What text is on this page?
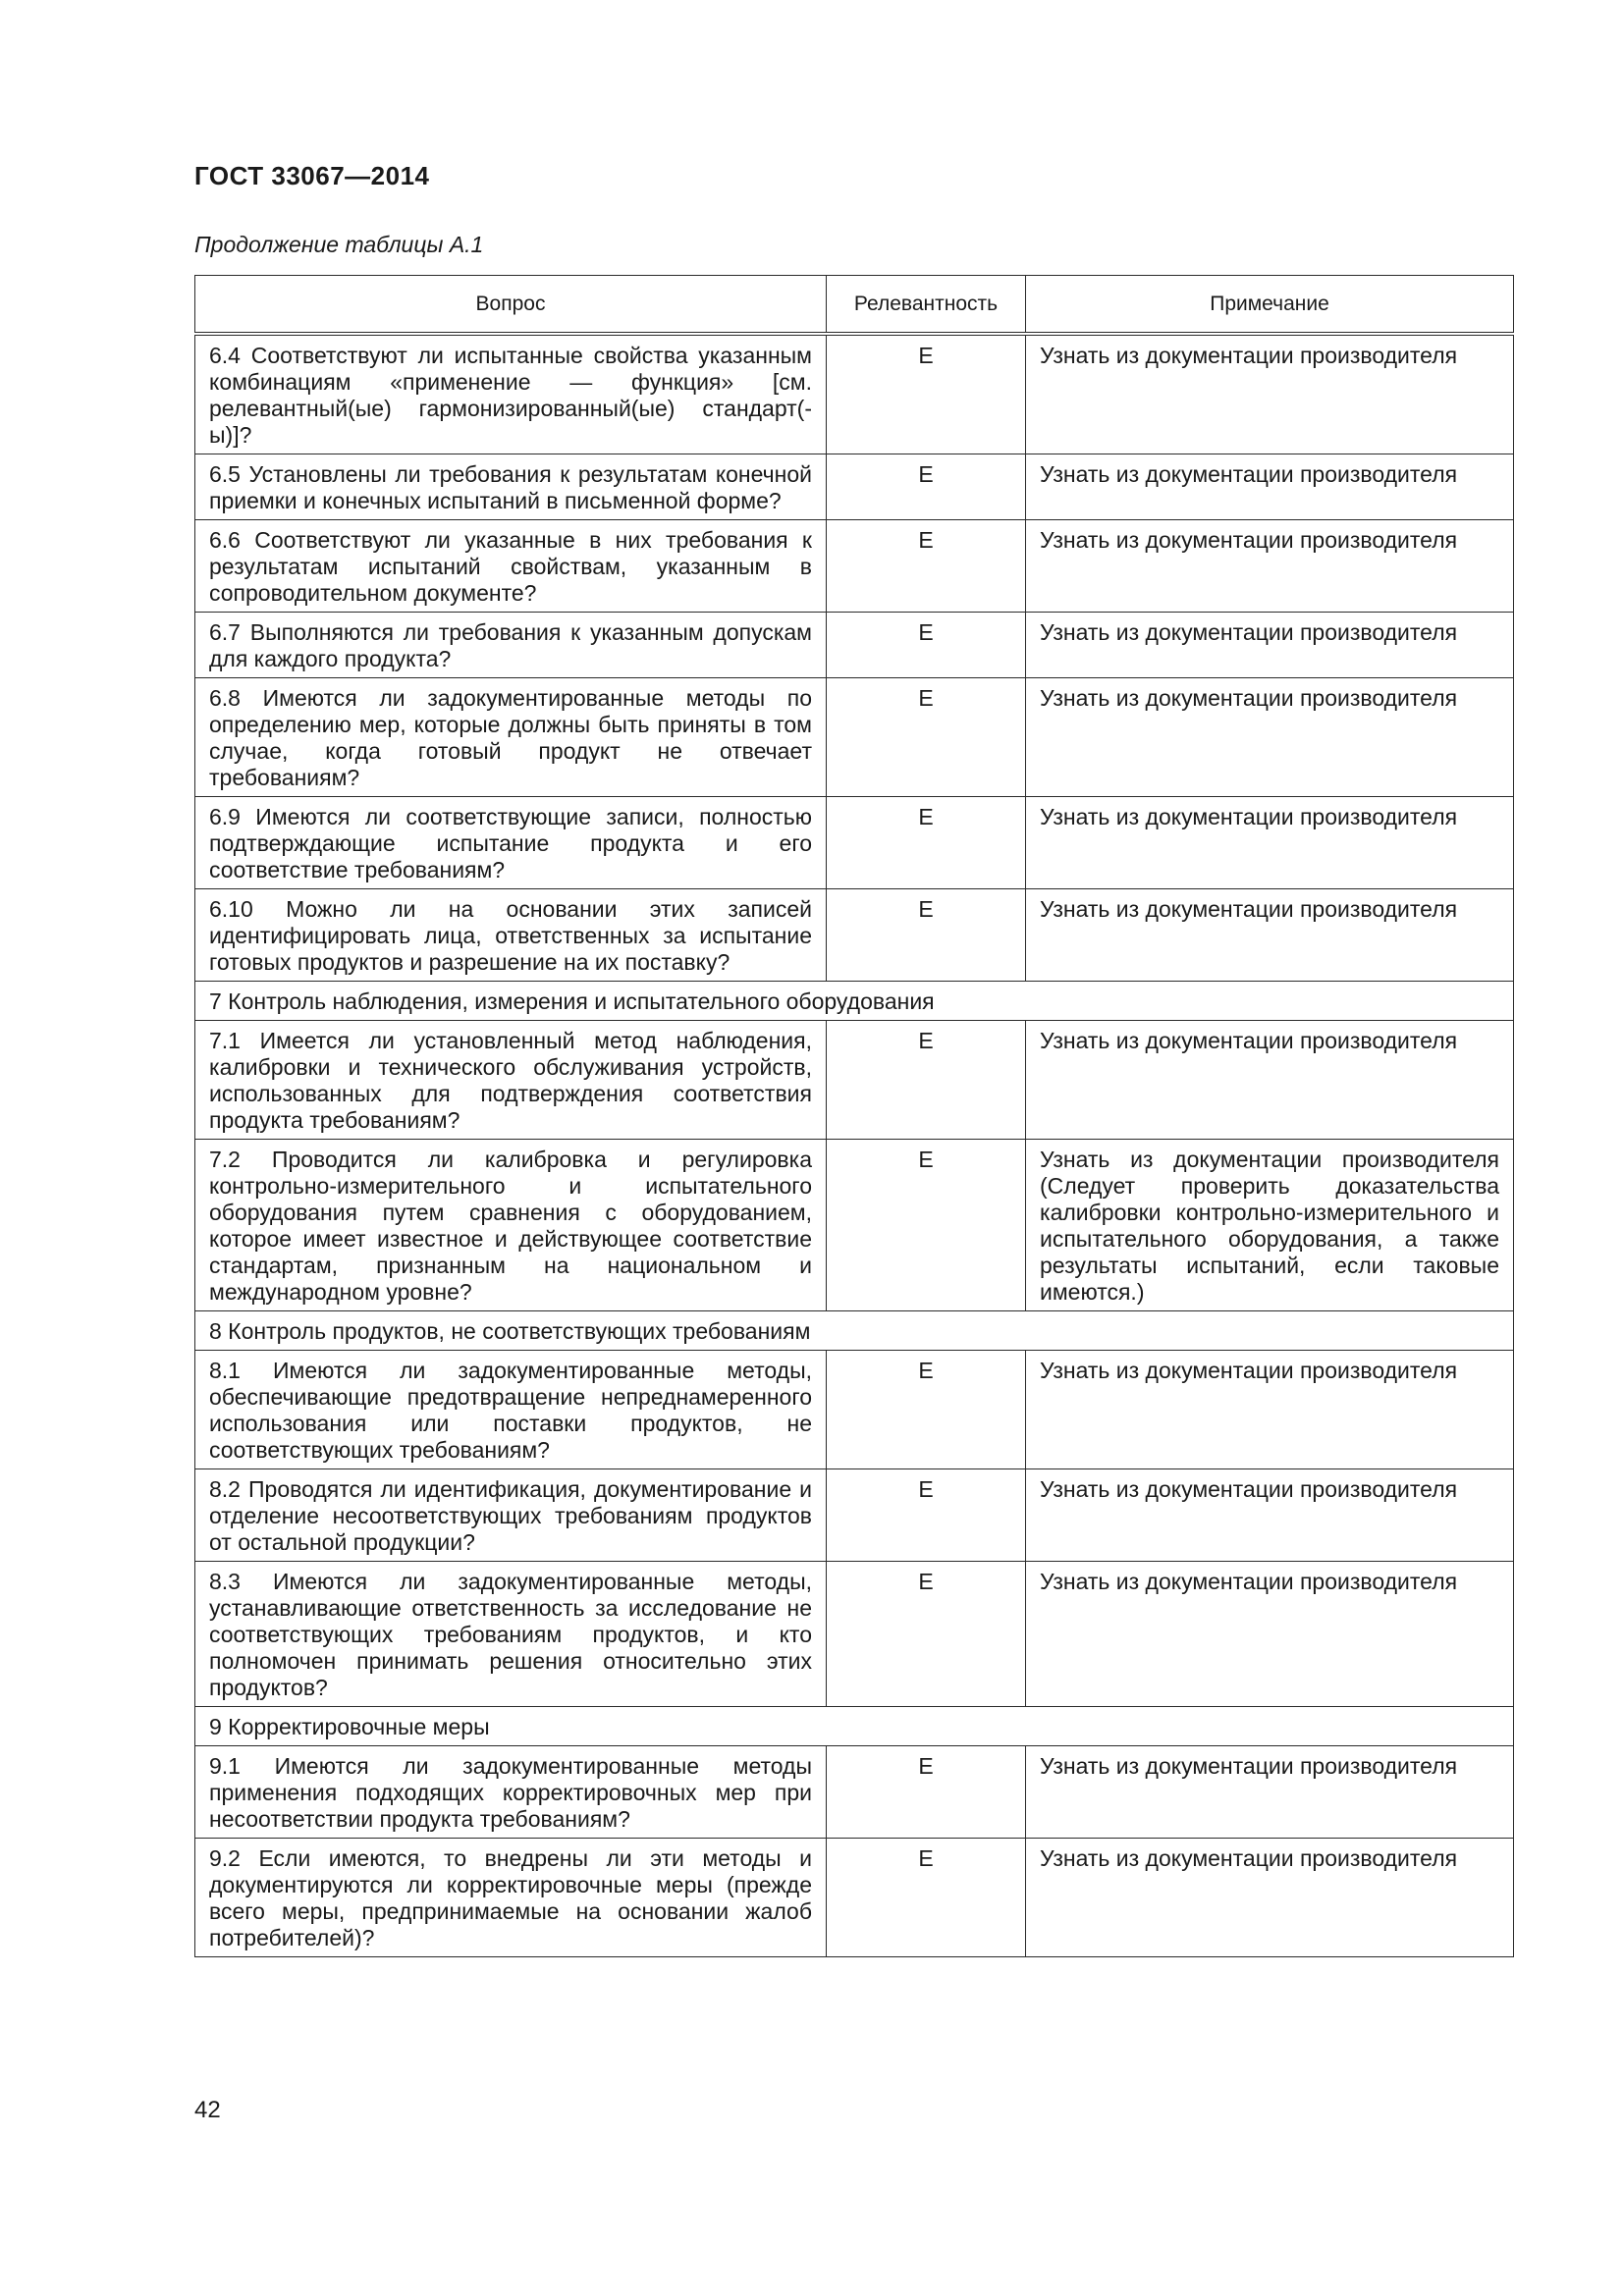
ГОСТ 33067—2014
Продолжение таблицы А.1
Вопрос	Релевантность	Примечание
6.4 Соответствуют ли испытанные свойства указанным комбинациям «применение — функция» [см. релевантный(ые) гармонизированный(ые) стандарт(-ы)]?	E	Узнать из документации производителя
6.5 Установлены ли требования к результатам конечной приемки и конечных испытаний в письменной форме?	E	Узнать из документации производителя
6.6 Соответствуют ли указанные в них требования к результатам испытаний свойствам, указанным в сопроводительном документе?	E	Узнать из документации производителя
6.7 Выполняются ли требования к указанным допускам для каждого продукта?	E	Узнать из документации производителя
6.8 Имеются ли задокументированные методы по определению мер, которые должны быть приняты в том случае, когда готовый продукт не отвечает требованиям?	E	Узнать из документации производителя
6.9 Имеются ли соответствующие записи, полностью подтверждающие испытание продукта и его соответствие требованиям?	E	Узнать из документации производителя
6.10 Можно ли на основании этих записей идентифицировать лица, ответственных за испытание готовых продуктов и разрешение на их поставку?	E	Узнать из документации производителя
7 Контроль наблюдения, измерения и испытательного оборудования		
7.1 Имеется ли установленный метод наблюдения, калибровки и технического обслуживания устройств, использованных для подтверждения соответствия продукта требованиям?	E	Узнать из документации производителя
7.2 Проводится ли калибровка и регулировка контрольно-измерительного и испытательного оборудования путем сравнения с оборудованием, которое имеет известное и действующее соответствие стандартам, признанным на национальном и международном уровне?	E	Узнать из документации производителя (Следует проверить доказательства калибровки контрольно-измерительного и испытательного оборудования, а также результаты испытаний, если таковые имеются.)
8 Контроль продуктов, не соответствующих требованиям		
8.1 Имеются ли задокументированные методы, обеспечивающие предотвращение непреднамеренного использования или поставки продуктов, не соответствующих требованиям?	E	Узнать из документации производителя
8.2 Проводятся ли идентификация, документирование и отделение несоответствующих требованиям продуктов от остальной продукции?	E	Узнать из документации производителя
8.3 Имеются ли задокументированные методы, устанавливающие ответственность за исследование не соответствующих требованиям продуктов, и кто полномочен принимать решения относительно этих продуктов?	E	Узнать из документации производителя
9 Корректировочные меры		
9.1 Имеются ли задокументированные методы применения подходящих корректировочных мер при несоответствии продукта требованиям?	E	Узнать из документации производителя
9.2 Если имеются, то внедрены ли эти методы и документируются ли корректировочные меры (прежде всего меры, предпринимаемые на основании жалоб потребителей)?	E	Узнать из документации производителя
42
